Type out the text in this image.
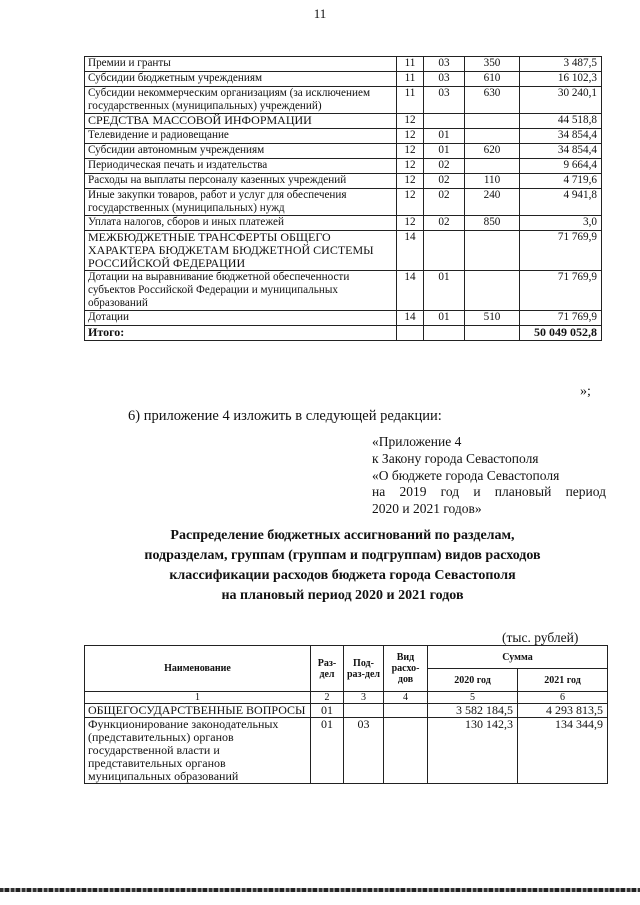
11
Премии и гранты	11	03	350	3 487,5
Субсидии бюджетным учреждениям	11	03	610	16 102,3
Субсидии некоммерческим организациям (за исключением государственных (муниципальных) учреждений)	11	03	630	30 240,1
СРЕДСТВА МАССОВОЙ ИНФОРМАЦИИ	12			44 518,8
Телевидение и радиовещание	12	01		34 854,4
Субсидии автономным учреждениям	12	01	620	34 854,4
Периодическая печать и издательства	12	02		9 664,4
Расходы на выплаты персоналу казенных учреждений	12	02	110	4 719,6
Иные закупки товаров, работ и услуг для обеспечения государственных (муниципальных) нужд	12	02	240	4 941,8
Уплата налогов, сборов и иных платежей	12	02	850	3,0
МЕЖБЮДЖЕТНЫЕ ТРАНСФЕРТЫ ОБЩЕГО ХАРАКТЕРА БЮДЖЕТАМ БЮДЖЕТНОЙ СИСТЕМЫ РОССИЙСКОЙ ФЕДЕРАЦИИ	14			71 769,9
Дотации на выравнивание бюджетной обеспеченности субъектов Российской Федерации и муниципальных образований	14	01		71 769,9
Дотации	14	01	510	71 769,9
Итого:				50 049 052,8
»;
6) приложение 4 изложить в следующей редакции:
«Приложение 4
к Закону города Севастополя
«О бюджете города Севастополя
на 2019 год и плановый период
2020 и 2021 годов»
Распределение бюджетных ассигнований по разделам,
подразделам, группам (группам и подгруппам) видов расходов
классификации расходов бюджета города Севастополя
на плановый период 2020 и 2021 годов
(тыс. рублей)
Наименование	Раз-дел	Под-раз-дел	Вид расхо-дов	Сумма	
				2020 год	2021 год
1	2	3	4	5	6
ОБЩЕГОСУДАРСТВЕННЫЕ ВОПРОСЫ	01			3 582 184,5	4 293 813,5
Функционирование законодательных (представительных) органов государственной власти и представительных органов муниципальных образований	01	03		130 142,3	134 344,9
